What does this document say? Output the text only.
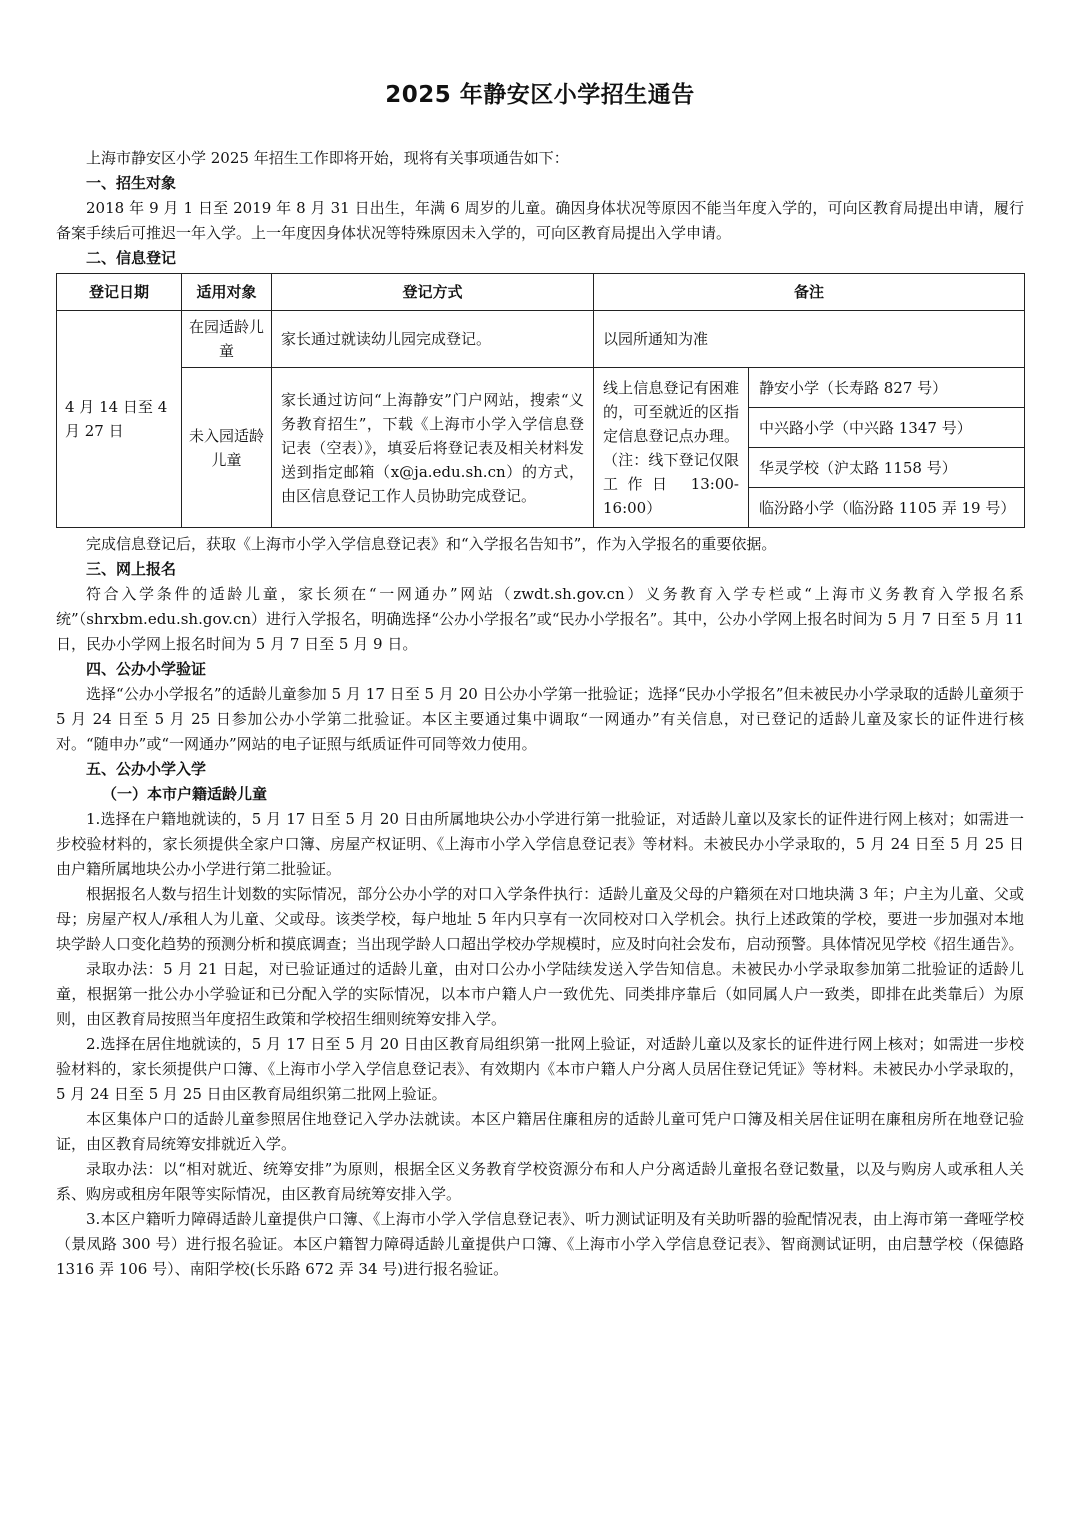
2025 年静安区小学招生通告

上海市静安区小学 2025 年招生工作即将开始，现将有关事项通告如下：

一、招生对象

2018 年 9 月 1 日至 2019 年 8 月 31 日出生，年满 6 周岁的儿童。确因身体状况等原因不能当年度入学的，可向区教育局提出申请，履行备案手续后可推迟一年入学。上一年度因身体状况等特殊原因未入学的，可向区教育局提出入学申请。

二、信息登记

登记日期	适用对象	登记方式	备注	
4 月 14 日至 4 月 27 日	在园适龄儿童	家长通过就读幼儿园完成登记。	以园所通知为准	
	未入园适龄儿童	家长通过访问“上海静安”门户网站，搜索“义务教育招生”，下载《上海市小学入学信息登记表（空表）》，填妥后将登记表及相关材料发送到指定邮箱（x@ja.edu.sh.cn）的方式，由区信息登记工作人员协助完成登记。	线上信息登记有困难的，可至就近的区指定信息登记点办理。（注：线下登记仅限工作日 13:00-16:00）	静安小学（长寿路 827 号）
				中兴路小学（中兴路 1347 号）
				华灵学校（沪太路 1158 号）
				临汾路小学（临汾路 1105 弄 19 号）

完成信息登记后，获取《上海市小学入学信息登记表》和“入学报名告知书”，作为入学报名的重要依据。

三、网上报名

符合入学条件的适龄儿童，家长须在“一网通办”网站（zwdt.sh.gov.cn）义务教育入学专栏或“上海市义务教育入学报名系统”（shrxbm.edu.sh.gov.cn）进行入学报名，明确选择“公办小学报名”或“民办小学报名”。其中，公办小学网上报名时间为 5 月 7 日至 5 月 11 日，民办小学网上报名时间为 5 月 7 日至 5 月 9 日。

四、公办小学验证

选择“公办小学报名”的适龄儿童参加 5 月 17 日至 5 月 20 日公办小学第一批验证；选择“民办小学报名”但未被民办小学录取的适龄儿童须于 5 月 24 日至 5 月 25 日参加公办小学第二批验证。本区主要通过集中调取“一网通办”有关信息，对已登记的适龄儿童及家长的证件进行核对。“随申办”或“一网通办”网站的电子证照与纸质证件可同等效力使用。

五、公办小学入学

（一）本市户籍适龄儿童

1.选择在户籍地就读的，5 月 17 日至 5 月 20 日由所属地块公办小学进行第一批验证，对适龄儿童以及家长的证件进行网上核对；如需进一步校验材料的，家长须提供全家户口簿、房屋产权证明、《上海市小学入学信息登记表》等材料。未被民办小学录取的，5 月 24 日至 5 月 25 日由户籍所属地块公办小学进行第二批验证。

根据报名人数与招生计划数的实际情况，部分公办小学的对口入学条件执行：适龄儿童及父母的户籍须在对口地块满 3 年；户主为儿童、父或母；房屋产权人/承租人为儿童、父或母。该类学校，每户地址 5 年内只享有一次同校对口入学机会。执行上述政策的学校，要进一步加强对本地块学龄人口变化趋势的预测分析和摸底调查；当出现学龄人口超出学校办学规模时，应及时向社会发布，启动预警。具体情况见学校《招生通告》。

录取办法：5 月 21 日起，对已验证通过的适龄儿童，由对口公办小学陆续发送入学告知信息。未被民办小学录取参加第二批验证的适龄儿童，根据第一批公办小学验证和已分配入学的实际情况，以本市户籍人户一致优先、同类排序靠后（如同属人户一致类，即排在此类靠后）为原则，由区教育局按照当年度招生政策和学校招生细则统筹安排入学。

2.选择在居住地就读的，5 月 17 日至 5 月 20 日由区教育局组织第一批网上验证，对适龄儿童以及家长的证件进行网上核对；如需进一步校验材料的，家长须提供户口簿、《上海市小学入学信息登记表》、有效期内《本市户籍人户分离人员居住登记凭证》等材料。未被民办小学录取的，5 月 24 日至 5 月 25 日由区教育局组织第二批网上验证。

本区集体户口的适龄儿童参照居住地登记入学办法就读。本区户籍居住廉租房的适龄儿童可凭户口簿及相关居住证明在廉租房所在地登记验证，由区教育局统筹安排就近入学。

录取办法：以“相对就近、统筹安排”为原则，根据全区义务教育学校资源分布和人户分离适龄儿童报名登记数量，以及与购房人或承租人关系、购房或租房年限等实际情况，由区教育局统筹安排入学。

3.本区户籍听力障碍适龄儿童提供户口簿、《上海市小学入学信息登记表》、听力测试证明及有关助听器的验配情况表，由上海市第一聋哑学校（景凤路 300 号）进行报名验证。本区户籍智力障碍适龄儿童提供户口簿、《上海市小学入学信息登记表》、智商测试证明，由启慧学校（保德路 1316 弄 106 号）、南阳学校(长乐路 672 弄 34 号)进行报名验证。
